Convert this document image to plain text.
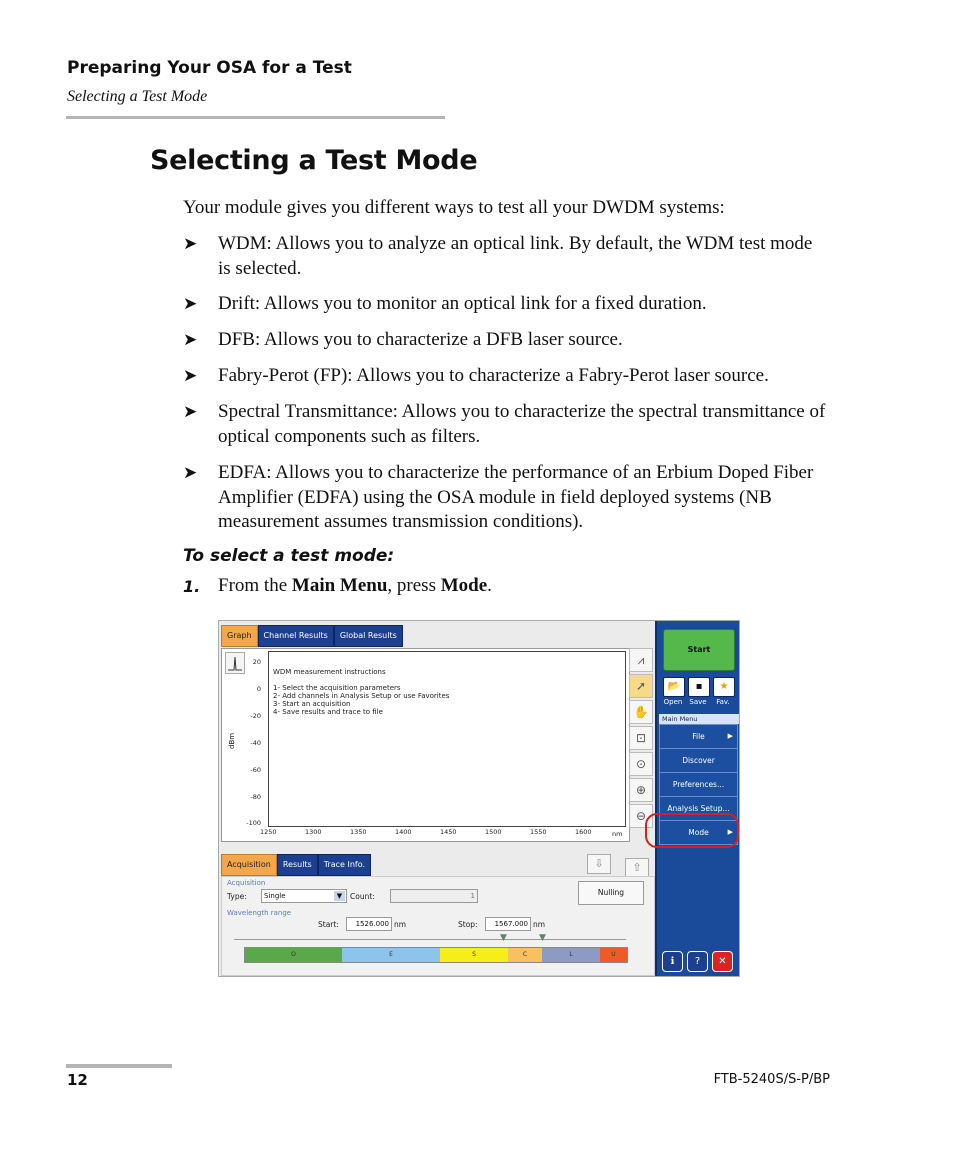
Preparing Your OSA for a Test
Selecting a Test Mode
Selecting a Test Mode
Your module gives you different ways to test all your DWDM systems:
➤ WDM: Allows you to analyze an optical link. By default, the WDM test mode is selected.
➤ Drift: Allows you to monitor an optical link for a fixed duration.
➤ DFB: Allows you to characterize a DFB laser source.
➤ Fabry-Perot (FP): Allows you to characterize a Fabry-Perot laser source.
➤ Spectral Transmittance: Allows you to characterize the spectral transmittance of optical components such as filters.
➤ EDFA: Allows you to characterize the performance of an Erbium Doped Fiber Amplifier (EDFA) using the OSA module in field deployed systems (NB measurement assumes transmission conditions).
To select a test mode:
1. From the Main Menu, press Mode.
Graph	Channel Results	Global Results
dBm
20
0
-20
-40
-60
-80
-100
WDM measurement instructions
1- Select the acquisition parameters
2- Add channels in Analysis Setup or use Favorites
3- Start an acquisition
4- Save results and trace to file
1250	1300	1350	1400	1450	1500	1550	1600	nm
⩘
➚
✋
⊡
⊙
⊕
⊖
Start
📂	▪	★
Open	Save	Fav.
Main Menu
File	▶
Discover
Preferences...
Analysis Setup...
Mode	▶
ℹ	?	✕
Acquisition	Results	Trace Info.	⇩	⇧
Acquisition
Type:	Single	▼	Count:	1	Nulling
Wavelength range
Start:	1526.000 nm	Stop:	1567.000 nm
▼	▼
O	E	S	C	L	U
12	FTB-5240S/S-P/BP
